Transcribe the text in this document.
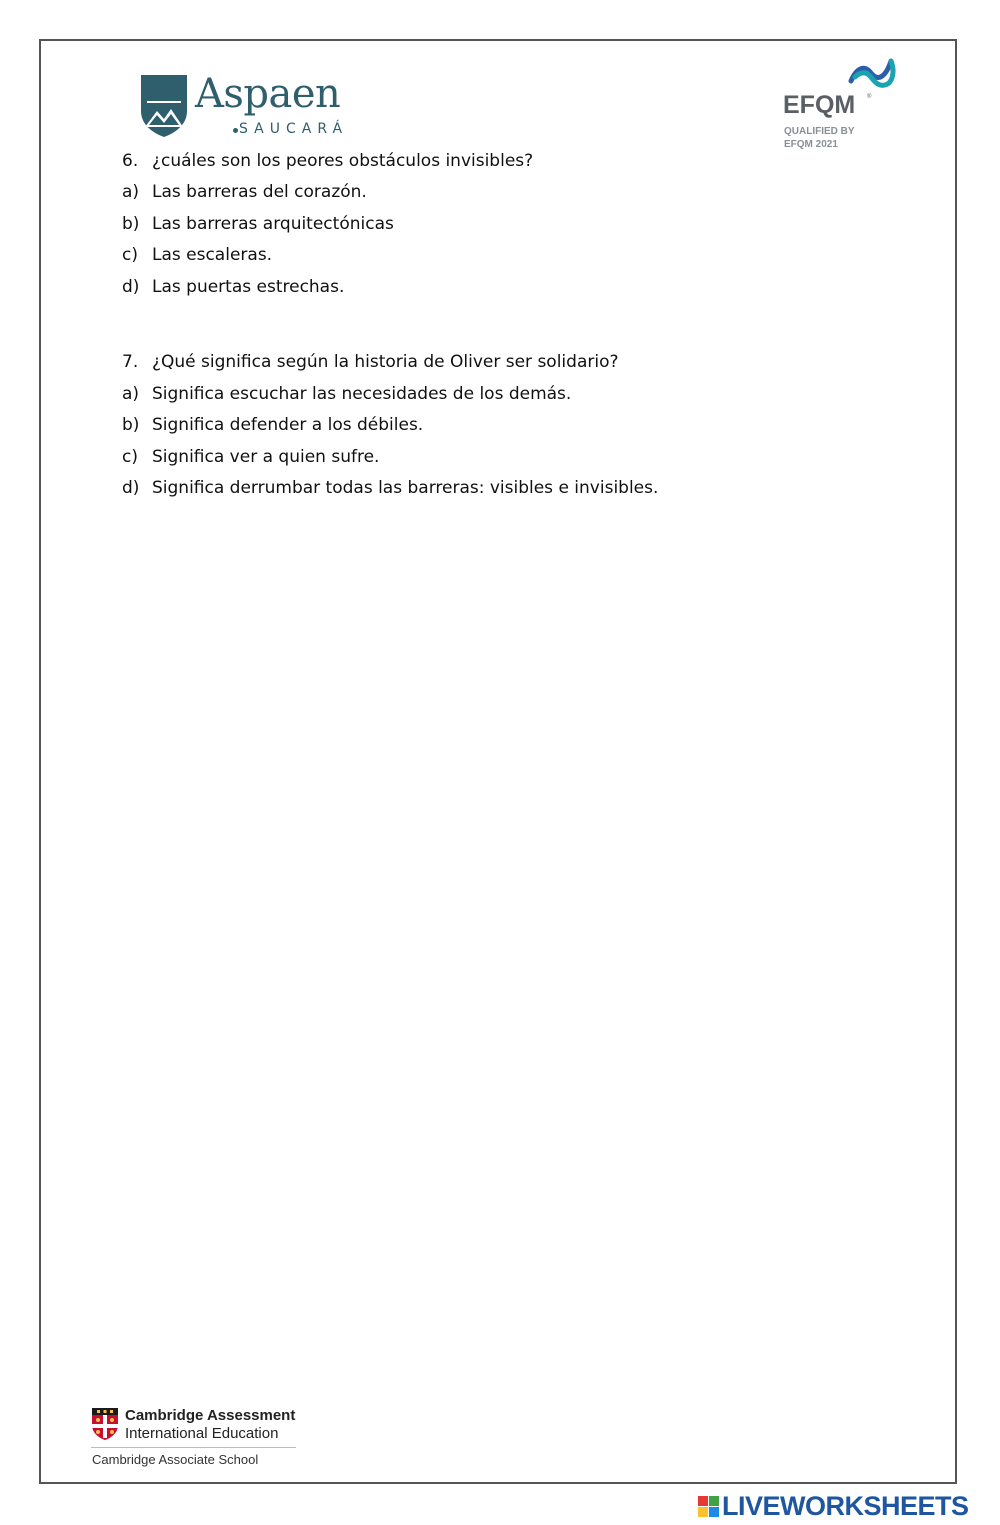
Aspaen
SAUCARÁ
EFQM ®
QUALIFIED BY
EFQM 2021
6. ¿cuáles son los peores obstáculos invisibles?
a) Las barreras del corazón.
b) Las barreras arquitectónicas
c) Las escaleras.
d) Las puertas estrechas.
7. ¿Qué significa según la historia de Oliver ser solidario?
a) Significa escuchar las necesidades de los demás.
b) Significa defender a los débiles.
c) Significa ver a quien sufre.
d) Significa derrumbar todas las barreras: visibles e invisibles.
Cambridge Assessment
International Education
Cambridge Associate School
LIVEWORKSHEETS
